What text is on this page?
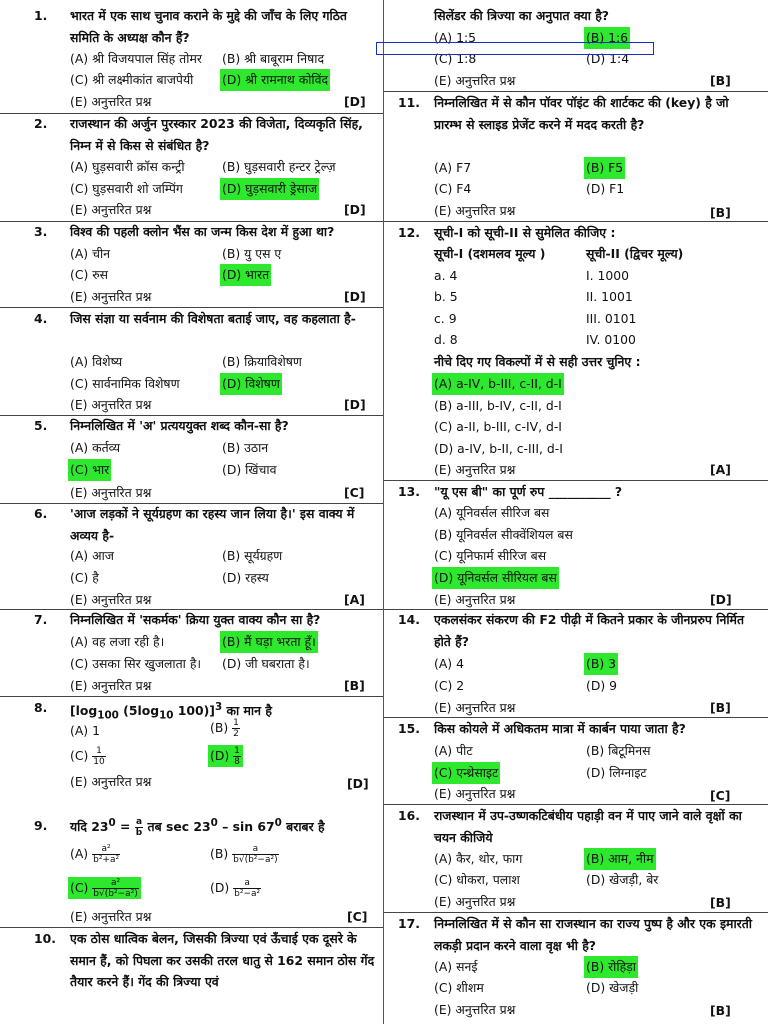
1. भारत में एक साथ चुनाव कराने के मुद्दे की जाँच के लिए गठित समिति के अध्यक्ष कौन हैं?
(A) श्री विजयपाल सिंह तोमर (B) श्री बाबूराम निषाद
(C) श्री लक्ष्मीकांत बाजपेयी (D) श्री रामनाथ कोविंद
(E) अनुत्तरित प्रश्न	[D]
2. राजस्थान की अर्जुन पुरस्कार 2023 की विजेता, दिव्यकृति सिंह, निम्न में से किस से संबंधित है?
(A) घुड़सवारी क्रॉस कन्ट्री	(B) घुड़सवारी हन्टर ट्रेल्ज़
(C) घुड़सवारी शो जम्पिंग	(D) घुड़सवारी ड्रेसाज
(E) अनुत्तरित प्रश्न	[D]
3. विश्व की पहली क्लोन भैंस का जन्म किस देश में हुआ था?
(A) चीन	(B) यु एस ए
(C) रुस	(D) भारत
(E) अनुत्तरित प्रश्न	[D]
4. जिस संज्ञा या सर्वनाम की विशेषता बताई जाए, वह कहलाता है-
(A) विशेष्य	(B) क्रियाविशेषण
(C) सार्वनामिक विशेषण	(D) विशेषण
(E) अनुत्तरित प्रश्न	[D]
5. निम्नलिखित में 'अ' प्रत्यययुक्त शब्द कौन-सा है?
(A) कर्तव्य	(B) उठान
(C) भार	(D) खिंचाव
(E) अनुत्तरित प्रश्न	[C]
6. 'आज लड़कों ने सूर्यग्रहण का रहस्य जान लिया है।' इस वाक्य में अव्यय है-
(A) आज	(B) सूर्यग्रहण
(C) है	(D) रहस्य
(E) अनुत्तरित प्रश्न	[A]
7. निम्नलिखित में 'सकर्मक' क्रिया युक्त वाक्य कौन सा है?
(A) वह लजा रही है।	(B) मैं घड़ा भरता हूँ।
(C) उसका सिर खुजलाता है। (D) जी घबराता है।
(E) अनुत्तरित प्रश्न	[B]
8. [$\log_{100}$ ($5\log_{10}$ 100)]$^3$ का मान है
(A) 1	$(B) \frac{1}{2}$
$(C) \frac{1}{10}$	$(D) \frac{1}{8}$
(E) अनुत्तरित प्रश्न	[D]
9. यदि $23^0 = \frac{a}{b}$ तब $\sec 23^0$ – $\sin 67^0$ बराबर है
$(A) \frac{\text{a²}}{\text{b²+a²}}$	$(B) \frac{a}{\text{b√(b²−a²)}}$
$(C) \frac{\text{a²}}{\text{b√(b²−a²)}}$	$(D) \frac{a}{\text{b²−a²}}$
(E) अनुत्तरित प्रश्न	[C]
10. एक ठोस धात्विक बेलन, जिसकी त्रिज्या एवं ऊँचाई एक दूसरे के समान हैं, को पिघला कर उसकी तरल धातु से 162 समान ठोस गेंद तैयार करने हैं। गेंद की त्रिज्या एवं
सिलेंडर की त्रिज्या का अनुपात क्या है?
(A) 1:5	(B) 1:6
(C) 1:8	(D) 1:4
(E) अनुत्तरित प्रश्न	[B]
11. निम्नलिखित में से कौन पॉवर पॉइंट की शार्टकट की (key) है जो प्रारम्भ से स्लाइड प्रेजेंट करने में मदद करती है?
(A) F7	(B) F5
(C) F4	(D) F1
(E) अनुत्तरित प्रश्न	[B]
12. सूची-I को सूची-II से सुमेलित कीजिए :
सूची-I (दशमलव मूल्य )	सूची-II (द्विचर मूल्य)
a. 4	I. 1000
b. 5	II. 1001
c. 9	III. 0101
d. 8	IV. 0100
नीचे दिए गए विकल्पों में से सही उत्तर चुनिए :
(A) a-IV, b-III, c-II, d-I
(B) a-III, b-IV, c-II, d-I
(C) a-II, b-III, c-IV, d-I
(D) a-IV, b-II, c-III, d-I
(E) अनुत्तरित प्रश्न	[A]
13. "यू एस बी" का पूर्ण रुप __________ ?
(A) यूनिवर्सल सीरिज बस
(B) यूनिवर्सल सीक्वेंशियल बस
(C) यूनिफार्म सीरिज बस
(D) यूनिवर्सल सीरियल बस
(E) अनुत्तरित प्रश्न	[D]
14. एकलसंकर संकरण की F2 पीढ़ी में कितने प्रकार के जीनप्ररुप निर्मित होते हैं?
(A) 4	(B) 3
(C) 2	(D) 9
(E) अनुत्तरित प्रश्न	[B]
15. किस कोयले में अधिकतम मात्रा में कार्बन पाया जाता है?
(A) पीट	(B) बिटूमिनस
(C) एन्थ्रेसाइट	(D) लिग्नाइट
(E) अनुत्तरित प्रश्न	[C]
16. राजस्थान में उप-उष्णकटिबंधीय पहाड़ी वन में पाए जाने वाले वृक्षों का चयन कीजिये
(A) कैर, थोर, फाग	(B) आम, नीम
(C) धोकरा, पलाश	(D) खेजड़ी, बेर
(E) अनुत्तरित प्रश्न	[B]
17. निम्नलिखित में से कौन सा राजस्थान का राज्य पुष्प है और एक इमारती लकड़ी प्रदान करने वाला वृक्ष भी है?
(A) सनई	(B) रोहिड़ा
(C) शीशम	(D) खेजड़ी
(E) अनुत्तरित प्रश्न	[B]
